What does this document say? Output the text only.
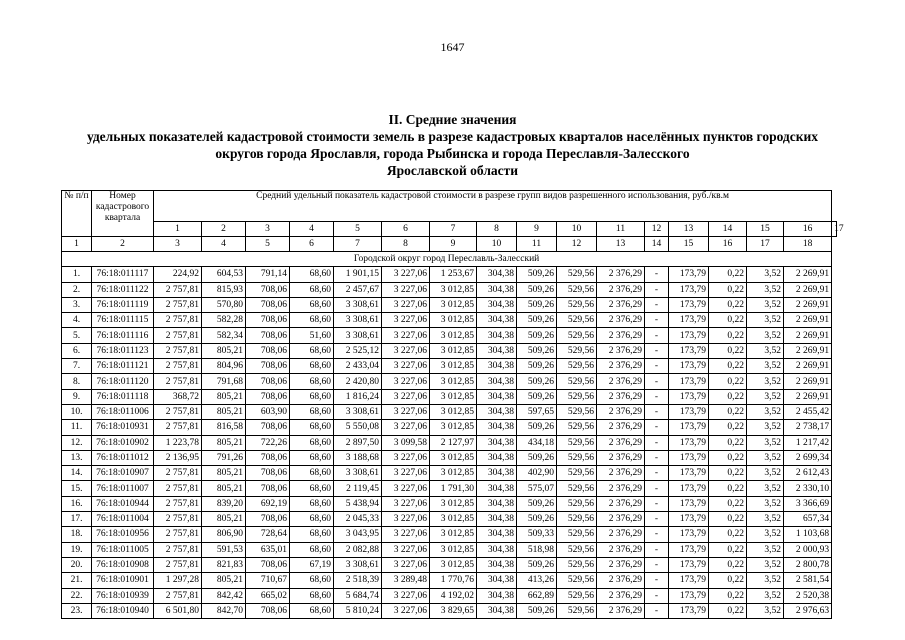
1647
II. Средние значения
удельных показателей кадастровой стоимости земель в разрезе кадастровых кварталов населённых пунктов городских
округов города Ярославля, города Рыбинска и города Переславля-Залесского
Ярославской области
№ п/п	Номер кадастрового квартала	Средний удельный показатель кадастровой стоимости в разрезе групп видов разрешенного использования, руб./кв.м																
		1	2	3	4	5	6	7	8	9	10	11	12	13	14	15	16	17
1	2	3	4	5	6	7	8	9	10	11	12	13	14	15	16	17	18	
Городской округ город Переславль-Залесский																		
1.	76:18:011117	224,92	604,53	791,14	68,60	1 901,15	3 227,06	1 253,67	304,38	509,26	529,56	2 376,29	-	173,79	0,22	3,52	2 269,91	
2.	76:18:011122	2 757,81	815,93	708,06	68,60	2 457,67	3 227,06	3 012,85	304,38	509,26	529,56	2 376,29	-	173,79	0,22	3,52	2 269,91	
3.	76:18:011119	2 757,81	570,80	708,06	68,60	3 308,61	3 227,06	3 012,85	304,38	509,26	529,56	2 376,29	-	173,79	0,22	3,52	2 269,91	
4.	76:18:011115	2 757,81	582,28	708,06	68,60	3 308,61	3 227,06	3 012,85	304,38	509,26	529,56	2 376,29	-	173,79	0,22	3,52	2 269,91	
5.	76:18:011116	2 757,81	582,34	708,06	51,60	3 308,61	3 227,06	3 012,85	304,38	509,26	529,56	2 376,29	-	173,79	0,22	3,52	2 269,91	
6.	76:18:011123	2 757,81	805,21	708,06	68,60	2 525,12	3 227,06	3 012,85	304,38	509,26	529,56	2 376,29	-	173,79	0,22	3,52	2 269,91	
7.	76:18:011121	2 757,81	804,96	708,06	68,60	2 433,04	3 227,06	3 012,85	304,38	509,26	529,56	2 376,29	-	173,79	0,22	3,52	2 269,91	
8.	76:18:011120	2 757,81	791,68	708,06	68,60	2 420,80	3 227,06	3 012,85	304,38	509,26	529,56	2 376,29	-	173,79	0,22	3,52	2 269,91	
9.	76:18:011118	368,72	805,21	708,06	68,60	1 816,24	3 227,06	3 012,85	304,38	509,26	529,56	2 376,29	-	173,79	0,22	3,52	2 269,91	
10.	76:18:011006	2 757,81	805,21	603,90	68,60	3 308,61	3 227,06	3 012,85	304,38	597,65	529,56	2 376,29	-	173,79	0,22	3,52	2 455,42	
11.	76:18:010931	2 757,81	816,58	708,06	68,60	5 550,08	3 227,06	3 012,85	304,38	509,26	529,56	2 376,29	-	173,79	0,22	3,52	2 738,17	
12.	76:18:010902	1 223,78	805,21	722,26	68,60	2 897,50	3 099,58	2 127,97	304,38	434,18	529,56	2 376,29	-	173,79	0,22	3,52	1 217,42	
13.	76:18:011012	2 136,95	791,26	708,06	68,60	3 188,68	3 227,06	3 012,85	304,38	509,26	529,56	2 376,29	-	173,79	0,22	3,52	2 699,34	
14.	76:18:010907	2 757,81	805,21	708,06	68,60	3 308,61	3 227,06	3 012,85	304,38	402,90	529,56	2 376,29	-	173,79	0,22	3,52	2 612,43	
15.	76:18:011007	2 757,81	805,21	708,06	68,60	2 119,45	3 227,06	1 791,30	304,38	575,07	529,56	2 376,29	-	173,79	0,22	3,52	2 330,10	
16.	76:18:010944	2 757,81	839,20	692,19	68,60	5 438,94	3 227,06	3 012,85	304,38	509,26	529,56	2 376,29	-	173,79	0,22	3,52	3 366,69	
17.	76:18:011004	2 757,81	805,21	708,06	68,60	2 045,33	3 227,06	3 012,85	304,38	509,26	529,56	2 376,29	-	173,79	0,22	3,52	657,34	
18.	76:18:010956	2 757,81	806,90	728,64	68,60	3 043,95	3 227,06	3 012,85	304,38	509,33	529,56	2 376,29	-	173,79	0,22	3,52	1 103,68	
19.	76:18:011005	2 757,81	591,53	635,01	68,60	2 082,88	3 227,06	3 012,85	304,38	518,98	529,56	2 376,29	-	173,79	0,22	3,52	2 000,93	
20.	76:18:010908	2 757,81	821,83	708,06	67,19	3 308,61	3 227,06	3 012,85	304,38	509,26	529,56	2 376,29	-	173,79	0,22	3,52	2 800,78	
21.	76:18:010901	1 297,28	805,21	710,67	68,60	2 518,39	3 289,48	1 770,76	304,38	413,26	529,56	2 376,29	-	173,79	0,22	3,52	2 581,54	
22.	76:18:010939	2 757,81	842,42	665,02	68,60	5 684,74	3 227,06	4 192,02	304,38	662,89	529,56	2 376,29	-	173,79	0,22	3,52	2 520,38	
23.	76:18:010940	6 501,80	842,70	708,06	68,60	5 810,24	3 227,06	3 829,65	304,38	509,26	529,56	2 376,29	-	173,79	0,22	3,52	2 976,63	
